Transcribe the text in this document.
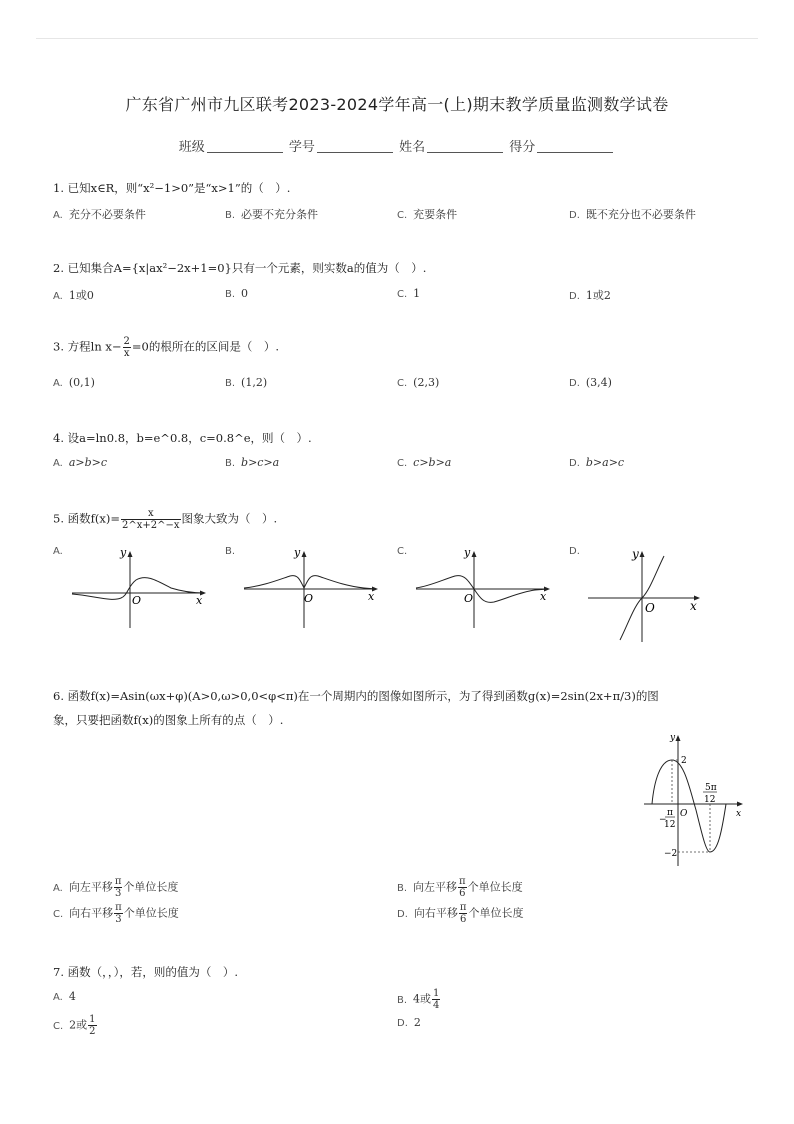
广东省广州市九区联考2023-2024学年高一(上)期末教学质量监测数学试卷
班级	学号	姓名	得分
1. 已知x∈R，则“x²−1>0”是“x>1”的（　）.
A. 充分不必要条件	B. 必要不充分条件	C. 充要条件	D. 既不充分也不必要条件
2. 已知集合A={x|ax²−2x+1=0}只有一个元素，则实数a的值为（　）.
A. 1或0	B. 0	C. 1	D. 1或2
3. 方程$\ln x- \frac{2}{x} =0$的根所在的区间是（　）.
A. (0,1)	B. (1,2)	C. (2,3)	D. (3,4)
4. 设a=ln0.8，b=e^0.8，c=0.8^e，则（　）.
A. a>b>c	B. b>c>a	C. c>b>a	D. b>a>c
5. 函数$f(x)= \frac{x}{2\^{}x+2\^{}-x}$ 图象大致为（　）.
A.	B.	C.	D.
y
x
O
y
x
O
y
x
O
y
x
O
6. 函数f(x)=Asin(ωx+φ)(A>0,ω>0,0<φ<π)在一个周期内的图像如图所示，为了得到函数g(x)=2sin(2x+π/3)的图
象，只要把函数f(x)的图象上所有的点（　）.
y
x
O
2
−2
−
π
12
5π
12
A. 向左平移 $\frac{\pi}{3}$ 个单位长度	B. 向左平移 $\frac{\pi}{6}$ 个单位长度
C. 向右平移 $\frac{\pi}{3}$ 个单位长度	D. 向右平移 $\frac{\pi}{6}$ 个单位长度
7. 函数（，，），若，则的值为（　）.
A. 4	B. 4或 $\frac{1}{4}$
C. 2或 $\frac{1}{2}$	D. 2
